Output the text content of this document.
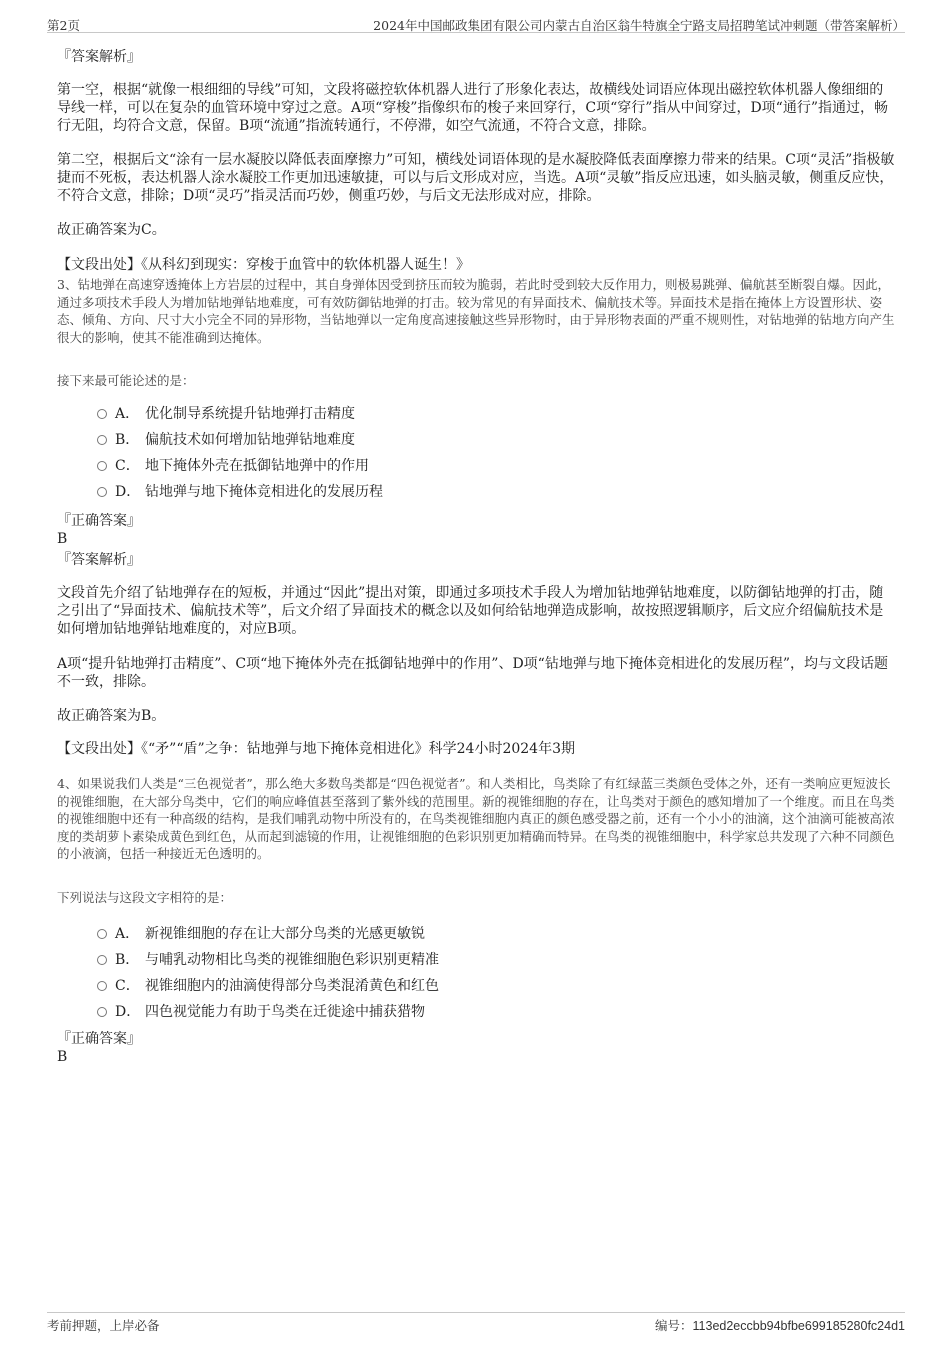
第2页	2024年中国邮政集团有限公司内蒙古自治区翁牛特旗全宁路支局招聘笔试冲刺题（带答案解析）
『答案解析』

第一空，根据“就像一根细细的导线”可知，文段将磁控软体机器人进行了形象化表达，故横线处词语应体现出磁控软体机器人像细细的导线一样，可以在复杂的血管环境中穿过之意。A项“穿梭”指像织布的梭子来回穿行，C项“穿行”指从中间穿过，D项“通行”指通过，畅行无阻，均符合文意，保留。B项“流通”指流转通行，不停滞，如空气流通，不符合文意，排除。

第二空，根据后文“涂有一层水凝胶以降低表面摩擦力”可知，横线处词语体现的是水凝胶降低表面摩擦力带来的结果。C项“灵活”指极敏捷而不死板，表达机器人涂水凝胶工作更加迅速敏捷，可以与后文形成对应，当选。A项“灵敏”指反应迅速，如头脑灵敏，侧重反应快，不符合文意，排除；D项“灵巧”指灵活而巧妙，侧重巧妙，与后文无法形成对应，排除。

故正确答案为C。

【文段出处】《从科幻到现实：穿梭于血管中的软体机器人诞生！》

3、钻地弹在高速穿透掩体上方岩层的过程中，其自身弹体因受到挤压而较为脆弱，若此时受到较大反作用力，则极易跳弹、偏航甚至断裂自爆。因此，通过多项技术手段人为增加钻地弹钻地难度，可有效防御钻地弹的打击。较为常见的有异面技术、偏航技术等。异面技术是指在掩体上方设置形状、姿态、倾角、方向、尺寸大小完全不同的异形物，当钻地弹以一定角度高速接触这些异形物时，由于异形物表面的严重不规则性，对钻地弹的钻地方向产生很大的影响，使其不能准确到达掩体。

接下来最可能论述的是：

A． 优化制导系统提升钻地弹打击精度
B． 偏航技术如何增加钻地弹钻地难度
C． 地下掩体外壳在抵御钻地弹中的作用
D． 钻地弹与地下掩体竞相进化的发展历程
『正确答案』
B
『答案解析』

文段首先介绍了钻地弹存在的短板，并通过“因此”提出对策，即通过多项技术手段人为增加钻地弹钻地难度，以防御钻地弹的打击，随之引出了“异面技术、偏航技术等”，后文介绍了异面技术的概念以及如何给钻地弹造成影响，故按照逻辑顺序，后文应介绍偏航技术是如何增加钻地弹钻地难度的，对应B项。

A项“提升钻地弹打击精度”、C项“地下掩体外壳在抵御钻地弹中的作用”、D项“钻地弹与地下掩体竞相进化的发展历程”，均与文段话题不一致，排除。

故正确答案为B。

【文段出处】《“矛”“盾”之争：钻地弹与地下掩体竞相进化》科学24小时2024年3期

4、如果说我们人类是“三色视觉者”，那么绝大多数鸟类都是“四色视觉者”。和人类相比，鸟类除了有红绿蓝三类颜色受体之外，还有一类响应更短波长的视锥细胞，在大部分鸟类中，它们的响应峰值甚至落到了紫外线的范围里。新的视锥细胞的存在，让鸟类对于颜色的感知增加了一个维度。而且在鸟类的视锥细胞中还有一种高级的结构，是我们哺乳动物中所没有的，在鸟类视锥细胞内真正的颜色感受器之前，还有一个小小的油滴，这个油滴可能被高浓度的类胡萝卜素染成黄色到红色，从而起到滤镜的作用，让视锥细胞的色彩识别更加精确而特异。在鸟类的视锥细胞中，科学家总共发现了六种不同颜色的小液滴，包括一种接近无色透明的。

下列说法与这段文字相符的是：

A． 新视锥细胞的存在让大部分鸟类的光感更敏锐
B． 与哺乳动物相比鸟类的视锥细胞色彩识别更精准
C． 视锥细胞内的油滴使得部分鸟类混淆黄色和红色
D． 四色视觉能力有助于鸟类在迁徙途中捕获猎物
『正确答案』
B
考前押题，上岸必备	编号：113ed2eccbb94bfbe699185280fc24d1
